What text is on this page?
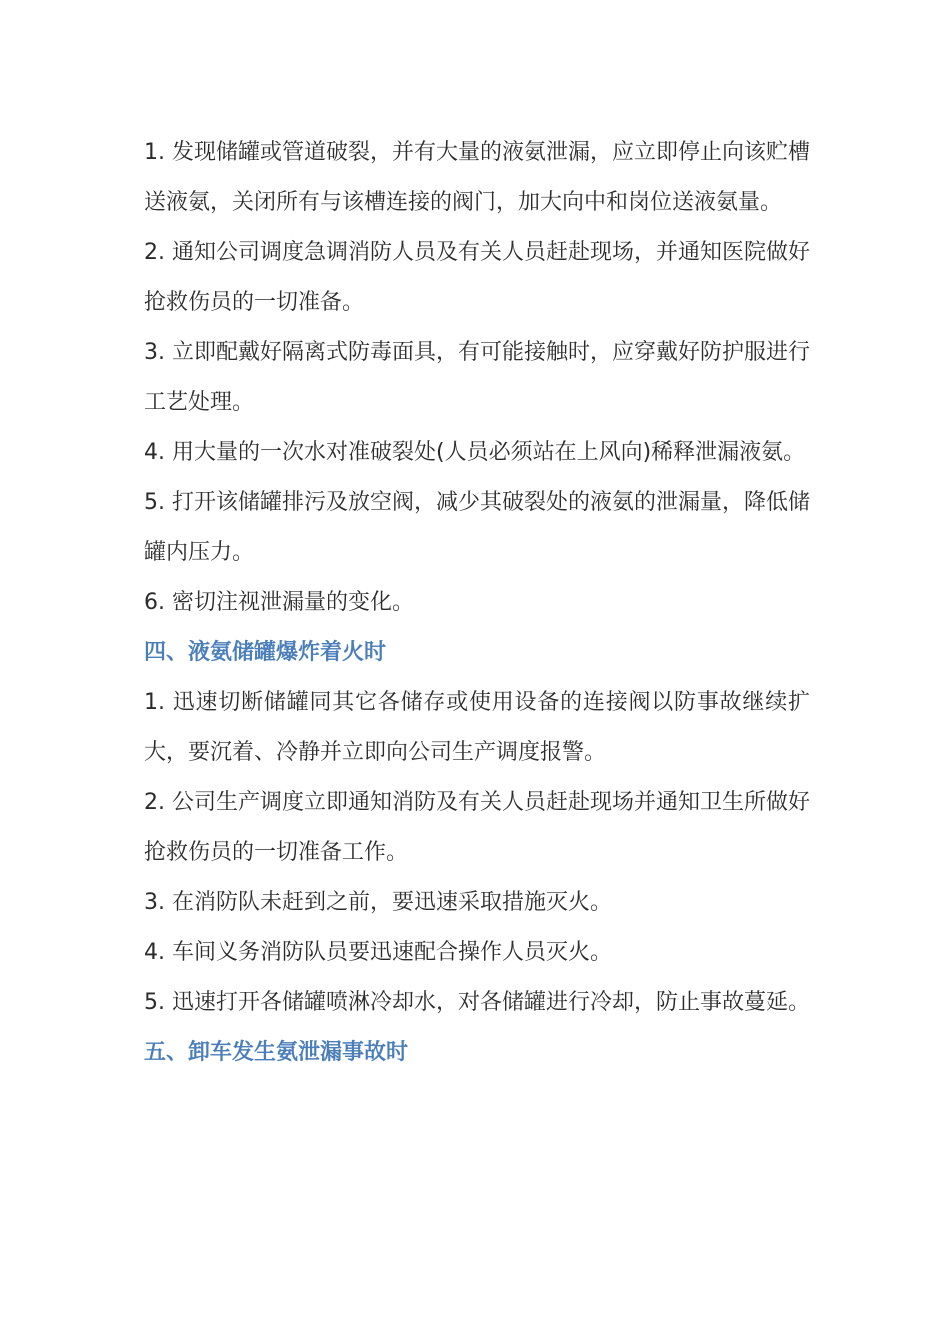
1. 发现储罐或管道破裂，并有大量的液氨泄漏，应立即停止向该贮槽送液氨，关闭所有与该槽连接的阀门，加大向中和岗位送液氨量。

2. 通知公司调度急调消防人员及有关人员赶赴现场，并通知医院做好抢救伤员的一切准备。

3. 立即配戴好隔离式防毒面具，有可能接触时，应穿戴好防护服进行工艺处理。

4. 用大量的一次水对准破裂处(人员必须站在上风向)稀释泄漏液氨。

5. 打开该储罐排污及放空阀，减少其破裂处的液氨的泄漏量，降低储罐内压力。

6. 密切注视泄漏量的变化。

四、液氨储罐爆炸着火时

1. 迅速切断储罐同其它各储存或使用设备的连接阀以防事故继续扩大，要沉着、冷静并立即向公司生产调度报警。

2. 公司生产调度立即通知消防及有关人员赶赴现场并通知卫生所做好抢救伤员的一切准备工作。

3. 在消防队未赶到之前，要迅速采取措施灭火。

4. 车间义务消防队员要迅速配合操作人员灭火。

5. 迅速打开各储罐喷淋冷却水，对各储罐进行冷却，防止事故蔓延。

五、卸车发生氨泄漏事故时
